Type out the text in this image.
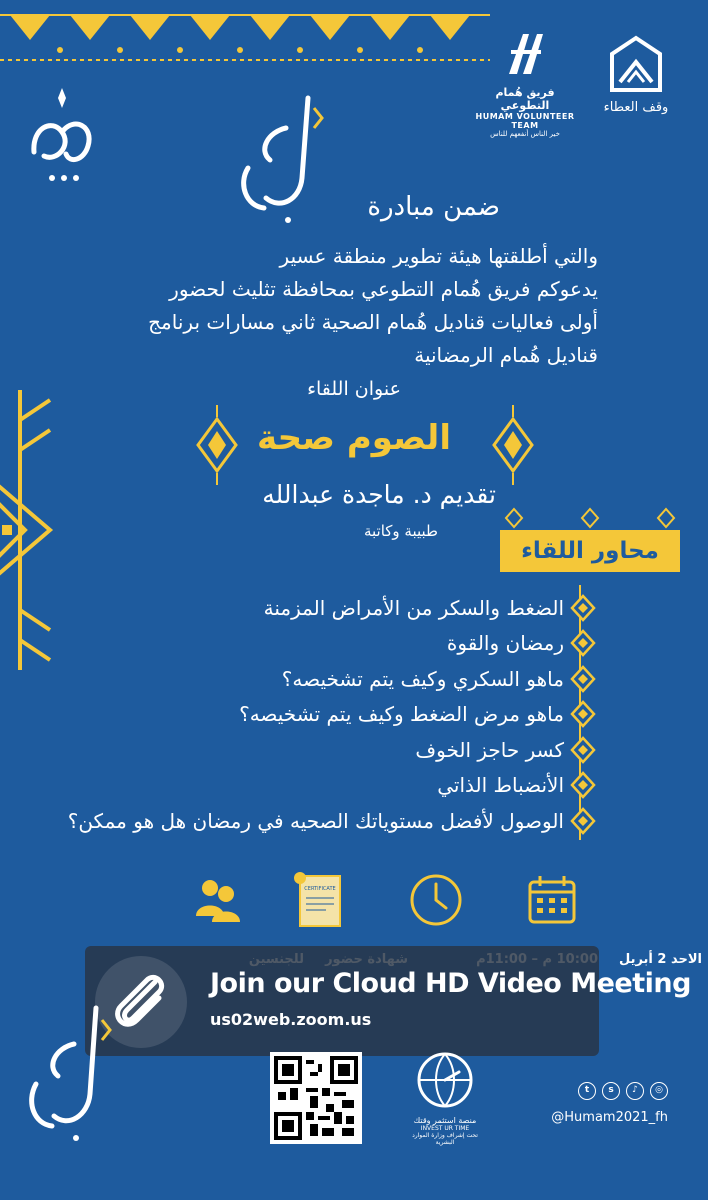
وقف العطاء
فريق هُمام التطوعي
HUMAM VOLUNTEER TEAM
خير الناس أنفعهم للناس
ضمن مبادرة
والتي أطلقتها هيئة تطوير منطقة عسير
يدعوكم فريق هُمام التطوعي بمحافظة تثليث لحضور
أولى فعاليات قناديل هُمام الصحية ثاني مسارات برنامج
قناديل هُمام الرمضانية
عنوان اللقاء
الصوم صحة
تقديم د. ماجدة عبدالله
طبيبة وكاتبة
محاور اللقاء
الضغط والسكر من الأمراض المزمنة
رمضان والقوة
ماهو السكري وكيف يتم تشخيصه؟
ماهو مرض الضغط وكيف يتم تشخيصه؟
كسر حاجز الخوف
الأنضباط الذاتي
الوصول لأفضل مستوياتك الصحيه في رمضان هل هو ممكن؟
CERTIFICATE
الاحد 2 أبريل
Join our Cloud HD Video Meeting
us02web.zoom.us
منصة استثمر وقتك
INVEST UR TIME
تحت إشراف وزارة الموارد البشرية
t	s	♪	◎
@Humam2021_fh
